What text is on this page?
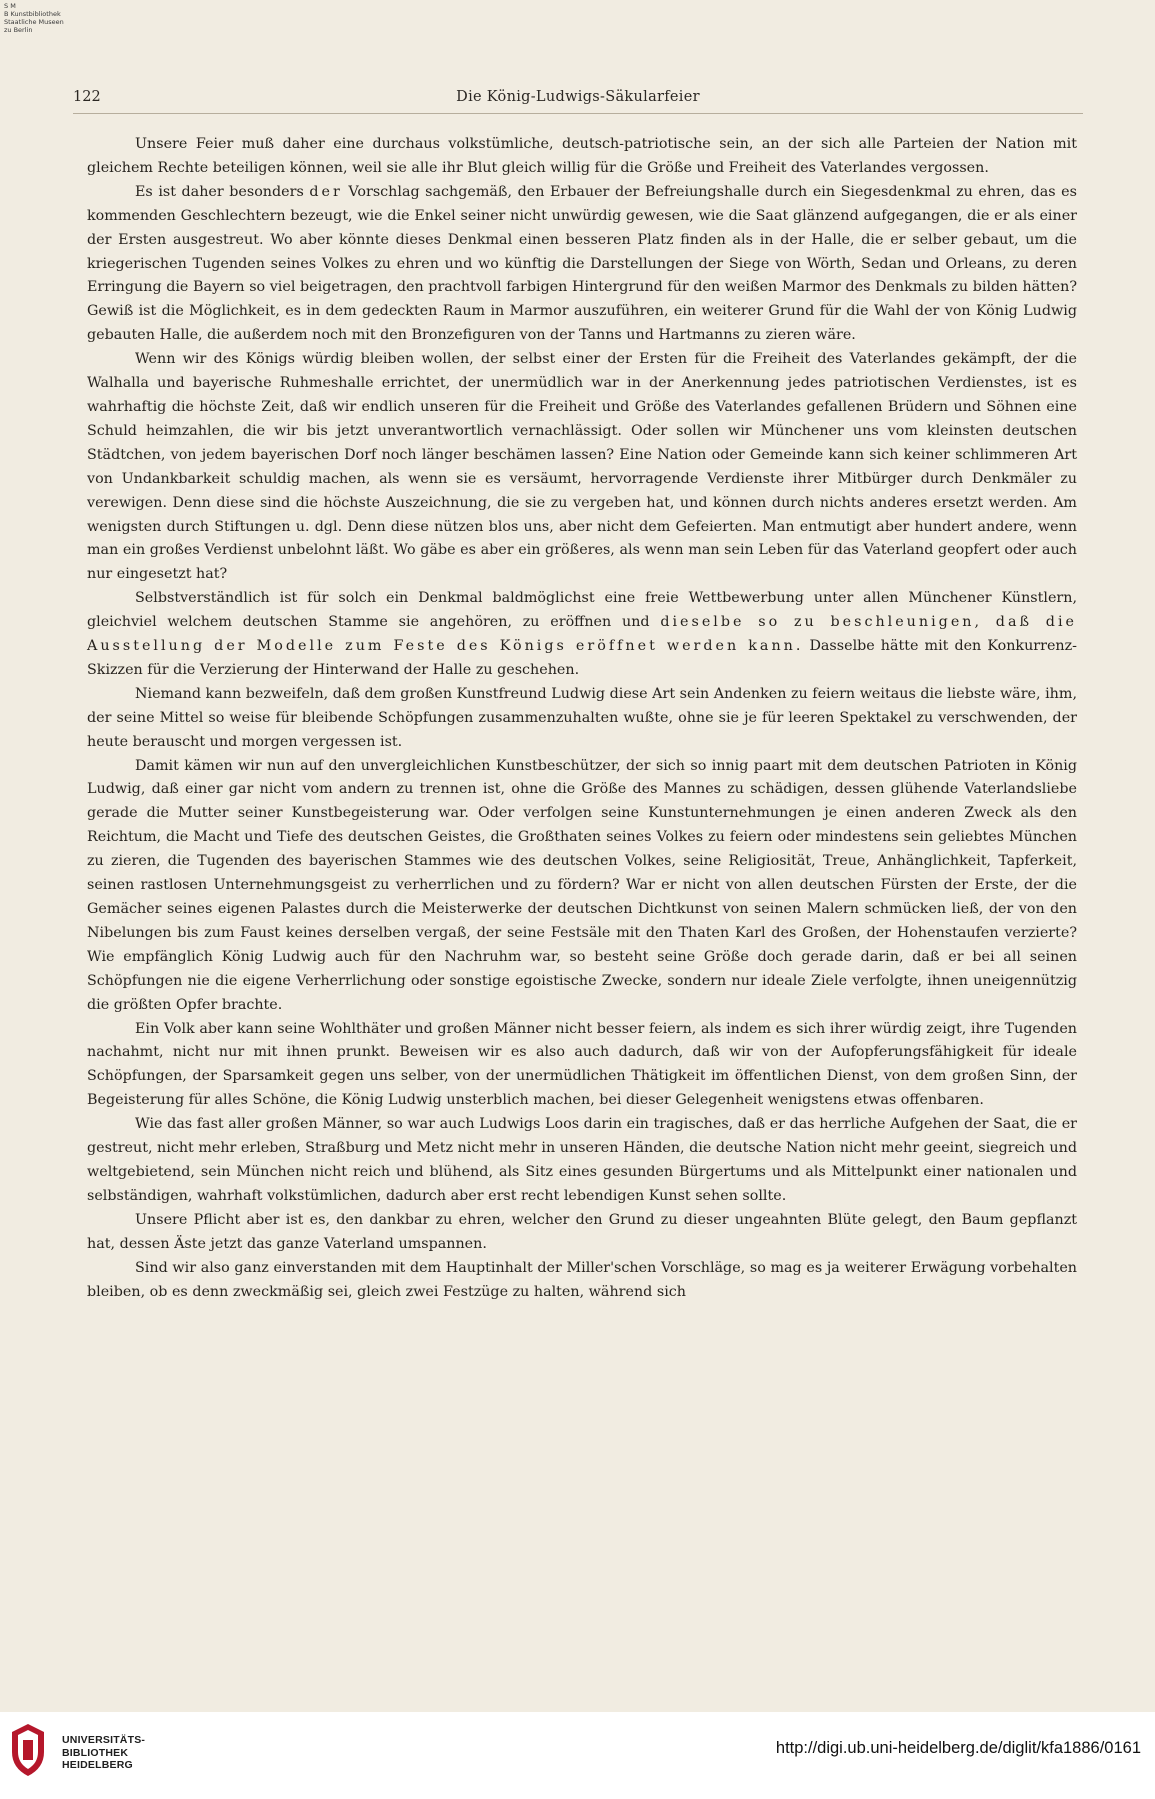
S M
B Kunstbibliothek
Staatliche Museen
zu Berlin
122	Die König-Ludwigs-Säkularfeier

Unsere Feier muß daher eine durchaus volkstümliche, deutsch-patriotische sein, an der sich alle Parteien der Nation mit gleichem Rechte beteiligen können, weil sie alle ihr Blut gleich willig für die Größe und Freiheit des Vaterlandes vergossen.

Es ist daher besonders der Vorschlag sachgemäß, den Erbauer der Befreiungshalle durch ein Siegesdenkmal zu ehren, das es kommenden Geschlechtern bezeugt, wie die Enkel seiner nicht unwürdig gewesen, wie die Saat glänzend aufgegangen, die er als einer der Ersten ausgestreut. Wo aber könnte dieses Denkmal einen besseren Platz finden als in der Halle, die er selber gebaut, um die kriegerischen Tugenden seines Volkes zu ehren und wo künftig die Darstellungen der Siege von Wörth, Sedan und Orleans, zu deren Erringung die Bayern so viel beigetragen, den prachtvoll farbigen Hintergrund für den weißen Marmor des Denkmals zu bilden hätten? Gewiß ist die Möglichkeit, es in dem gedeckten Raum in Marmor auszuführen, ein weiterer Grund für die Wahl der von König Ludwig gebauten Halle, die außerdem noch mit den Bronzefiguren von der Tanns und Hartmanns zu zieren wäre.

Wenn wir des Königs würdig bleiben wollen, der selbst einer der Ersten für die Freiheit des Vaterlandes gekämpft, der die Walhalla und bayerische Ruhmeshalle errichtet, der unermüdlich war in der Anerkennung jedes patriotischen Verdienstes, ist es wahrhaftig die höchste Zeit, daß wir endlich unseren für die Freiheit und Größe des Vaterlandes gefallenen Brüdern und Söhnen eine Schuld heimzahlen, die wir bis jetzt unverantwortlich vernachlässigt. Oder sollen wir Münchener uns vom kleinsten deutschen Städtchen, von jedem bayerischen Dorf noch länger beschämen lassen? Eine Nation oder Gemeinde kann sich keiner schlimmeren Art von Undankbarkeit schuldig machen, als wenn sie es versäumt, hervorragende Verdienste ihrer Mitbürger durch Denkmäler zu verewigen. Denn diese sind die höchste Auszeichnung, die sie zu vergeben hat, und können durch nichts anderes ersetzt werden. Am wenigsten durch Stiftungen u. dgl. Denn diese nützen blos uns, aber nicht dem Gefeierten. Man entmutigt aber hundert andere, wenn man ein großes Verdienst unbelohnt läßt. Wo gäbe es aber ein größeres, als wenn man sein Leben für das Vaterland geopfert oder auch nur eingesetzt hat?

Selbstverständlich ist für solch ein Denkmal baldmöglichst eine freie Wettbewerbung unter allen Münchener Künstlern, gleichviel welchem deutschen Stamme sie angehören, zu eröffnen und dieselbe so zu beschleunigen, daß die Ausstellung der Modelle zum Feste des Königs eröffnet werden kann. Dasselbe hätte mit den Konkurrenz-Skizzen für die Verzierung der Hinterwand der Halle zu geschehen.

Niemand kann bezweifeln, daß dem großen Kunstfreund Ludwig diese Art sein Andenken zu feiern weitaus die liebste wäre, ihm, der seine Mittel so weise für bleibende Schöpfungen zusammenzuhalten wußte, ohne sie je für leeren Spektakel zu verschwenden, der heute berauscht und morgen vergessen ist.

Damit kämen wir nun auf den unvergleichlichen Kunstbeschützer, der sich so innig paart mit dem deutschen Patrioten in König Ludwig, daß einer gar nicht vom andern zu trennen ist, ohne die Größe des Mannes zu schädigen, dessen glühende Vaterlandsliebe gerade die Mutter seiner Kunstbegeisterung war. Oder verfolgen seine Kunstunternehmungen je einen anderen Zweck als den Reichtum, die Macht und Tiefe des deutschen Geistes, die Großthaten seines Volkes zu feiern oder mindestens sein geliebtes München zu zieren, die Tugenden des bayerischen Stammes wie des deutschen Volkes, seine Religiosität, Treue, Anhänglichkeit, Tapferkeit, seinen rastlosen Unternehmungsgeist zu verherrlichen und zu fördern? War er nicht von allen deutschen Fürsten der Erste, der die Gemächer seines eigenen Palastes durch die Meisterwerke der deutschen Dichtkunst von seinen Malern schmücken ließ, der von den Nibelungen bis zum Faust keines derselben vergaß, der seine Festsäle mit den Thaten Karl des Großen, der Hohenstaufen verzierte? Wie empfänglich König Ludwig auch für den Nachruhm war, so besteht seine Größe doch gerade darin, daß er bei all seinen Schöpfungen nie die eigene Verherrlichung oder sonstige egoistische Zwecke, sondern nur ideale Ziele verfolgte, ihnen uneigennützig die größten Opfer brachte.

Ein Volk aber kann seine Wohlthäter und großen Männer nicht besser feiern, als indem es sich ihrer würdig zeigt, ihre Tugenden nachahmt, nicht nur mit ihnen prunkt. Beweisen wir es also auch dadurch, daß wir von der Aufopferungsfähigkeit für ideale Schöpfungen, der Sparsamkeit gegen uns selber, von der unermüdlichen Thätigkeit im öffentlichen Dienst, von dem großen Sinn, der Begeisterung für alles Schöne, die König Ludwig unsterblich machen, bei dieser Gelegenheit wenigstens etwas offenbaren.

Wie das fast aller großen Männer, so war auch Ludwigs Loos darin ein tragisches, daß er das herrliche Aufgehen der Saat, die er gestreut, nicht mehr erleben, Straßburg und Metz nicht mehr in unseren Händen, die deutsche Nation nicht mehr geeint, siegreich und weltgebietend, sein München nicht reich und blühend, als Sitz eines gesunden Bürgertums und als Mittelpunkt einer nationalen und selbständigen, wahrhaft volkstümlichen, dadurch aber erst recht lebendigen Kunst sehen sollte.

Unsere Pflicht aber ist es, den dankbar zu ehren, welcher den Grund zu dieser ungeahnten Blüte gelegt, den Baum gepflanzt hat, dessen Äste jetzt das ganze Vaterland umspannen.

Sind wir also ganz einverstanden mit dem Hauptinhalt der Miller'schen Vorschläge, so mag es ja weiterer Erwägung vorbehalten bleiben, ob es denn zweckmäßig sei, gleich zwei Festzüge zu halten, während sich

UNIVERSITÄTS-
BIBLIOTHEK
HEIDELBERG
http://digi.ub.uni-heidelberg.de/diglit/kfa1886/0161
